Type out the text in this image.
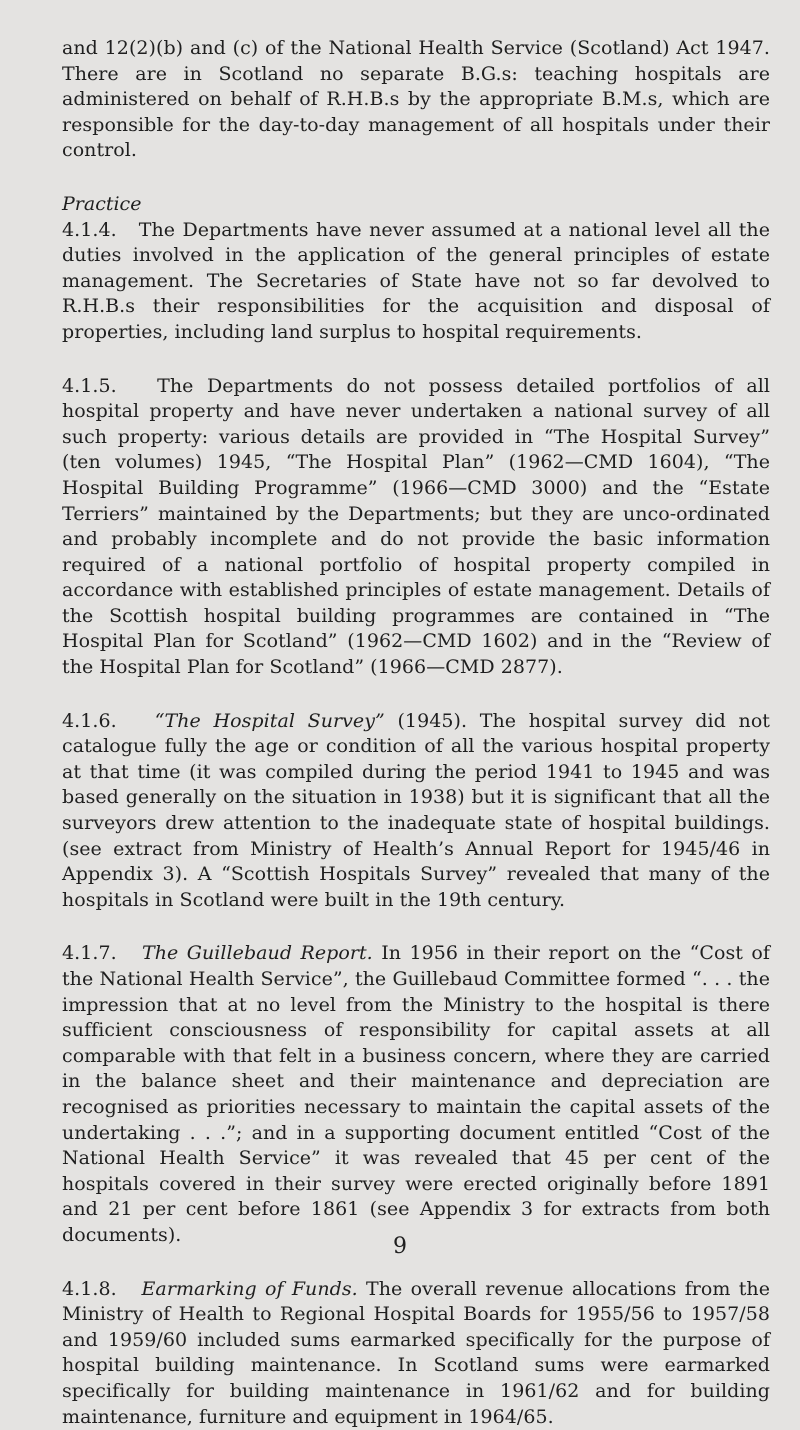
and 12(2)(b) and (c) of the National Health Service (Scotland) Act 1947. There are in Scotland no separate B.G.s: teaching hospitals are administered on behalf of R.H.B.s by the appropriate B.M.s, which are responsible for the day-to-day management of all hospitals under their control.

Practice

4.1.4. The Departments have never assumed at a national level all the duties involved in the application of the general principles of estate management. The Secretaries of State have not so far devolved to R.H.B.s their responsibilities for the acquisition and disposal of properties, including land surplus to hospital requirements.

4.1.5. The Departments do not possess detailed portfolios of all hospital property and have never undertaken a national survey of all such property: various details are provided in “The Hospital Survey” (ten volumes) 1945, “The Hospital Plan” (1962—CMD 1604), “The Hospital Building Programme” (1966—CMD 3000) and the “Estate Terriers” maintained by the Departments; but they are unco-ordinated and probably incomplete and do not provide the basic information required of a national portfolio of hospital property compiled in accordance with established principles of estate management. Details of the Scottish hospital building programmes are contained in “The Hospital Plan for Scotland” (1962—CMD 1602) and in the “Review of the Hospital Plan for Scotland” (1966—CMD 2877).

4.1.6. “The Hospital Survey” (1945). The hospital survey did not catalogue fully the age or condition of all the various hospital property at that time (it was compiled during the period 1941 to 1945 and was based generally on the situation in 1938) but it is significant that all the surveyors drew attention to the inadequate state of hospital buildings. (see extract from Ministry of Health’s Annual Report for 1945/46 in Appendix 3). A “Scottish Hospitals Survey” revealed that many of the hospitals in Scotland were built in the 19th century.

4.1.7. The Guillebaud Report. In 1956 in their report on the “Cost of the National Health Service”, the Guillebaud Committee formed “. . . the impression that at no level from the Ministry to the hospital is there sufficient consciousness of responsibility for capital assets at all comparable with that felt in a business concern, where they are carried in the balance sheet and their maintenance and depreciation are recognised as priorities necessary to maintain the capital assets of the undertaking . . .”; and in a supporting document entitled “Cost of the National Health Service” it was revealed that 45 per cent of the hospitals covered in their survey were erected originally before 1891 and 21 per cent before 1861 (see Appendix 3 for extracts from both documents).

4.1.8. Earmarking of Funds. The overall revenue allocations from the Ministry of Health to Regional Hospital Boards for 1955/56 to 1957/58 and 1959/60 included sums earmarked specifically for the purpose of hospital building maintenance. In Scotland sums were earmarked specifically for building maintenance in 1961/62 and for building maintenance, furniture and equipment in 1964/65.

9
